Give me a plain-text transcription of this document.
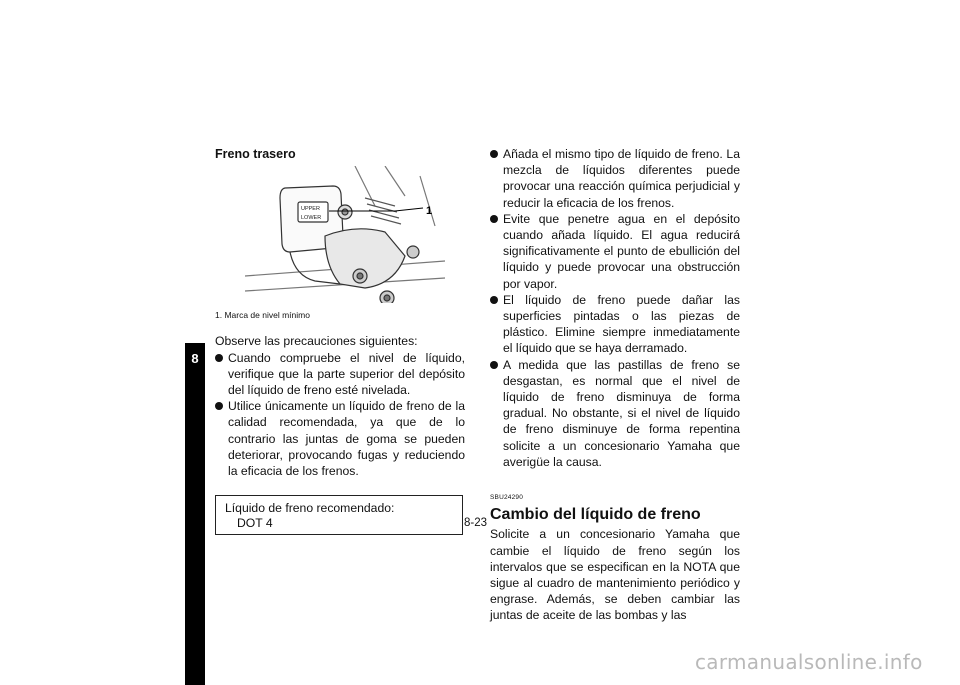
8
Freno trasero
UPPER
LOWER
1
1. Marca de nivel mínimo

Observe las precauciones siguientes:

Cuando compruebe el nivel de líquido, verifique que la parte superior del depósito del líquido de freno esté nivelada.
Utilice únicamente un líquido de freno de la calidad recomendada, ya que de lo contrario las juntas de goma se pueden deteriorar, provocando fugas y reduciendo la eficacia de los frenos.
Líquido de freno recomendado:
DOT 4
Añada el mismo tipo de líquido de freno. La mezcla de líquidos diferentes puede provocar una reacción química perjudicial y reducir la eficacia de los frenos.
Evite que penetre agua en el depósito cuando añada líquido. El agua reducirá significativamente el punto de ebullición del líquido y puede provocar una obstrucción por vapor.
El líquido de freno puede dañar las superficies pintadas o las piezas de plástico. Elimine siempre inmediatamente el líquido que se haya derramado.
A medida que las pastillas de freno se desgastan, es normal que el nivel de líquido de freno disminuya de forma gradual. No obstante, si el nivel de líquido de freno disminuye de forma repentina solicite a un concesionario Yamaha que averigüe la causa.
SBU24290
Cambio del líquido de freno

Solicite a un concesionario Yamaha que cambie el líquido de freno según los intervalos que se especifican en la NOTA que sigue al cuadro de mantenimiento periódico y engrase. Además, se deben cambiar las juntas de aceite de las bombas y las

8-23
carmanualsonline.info
